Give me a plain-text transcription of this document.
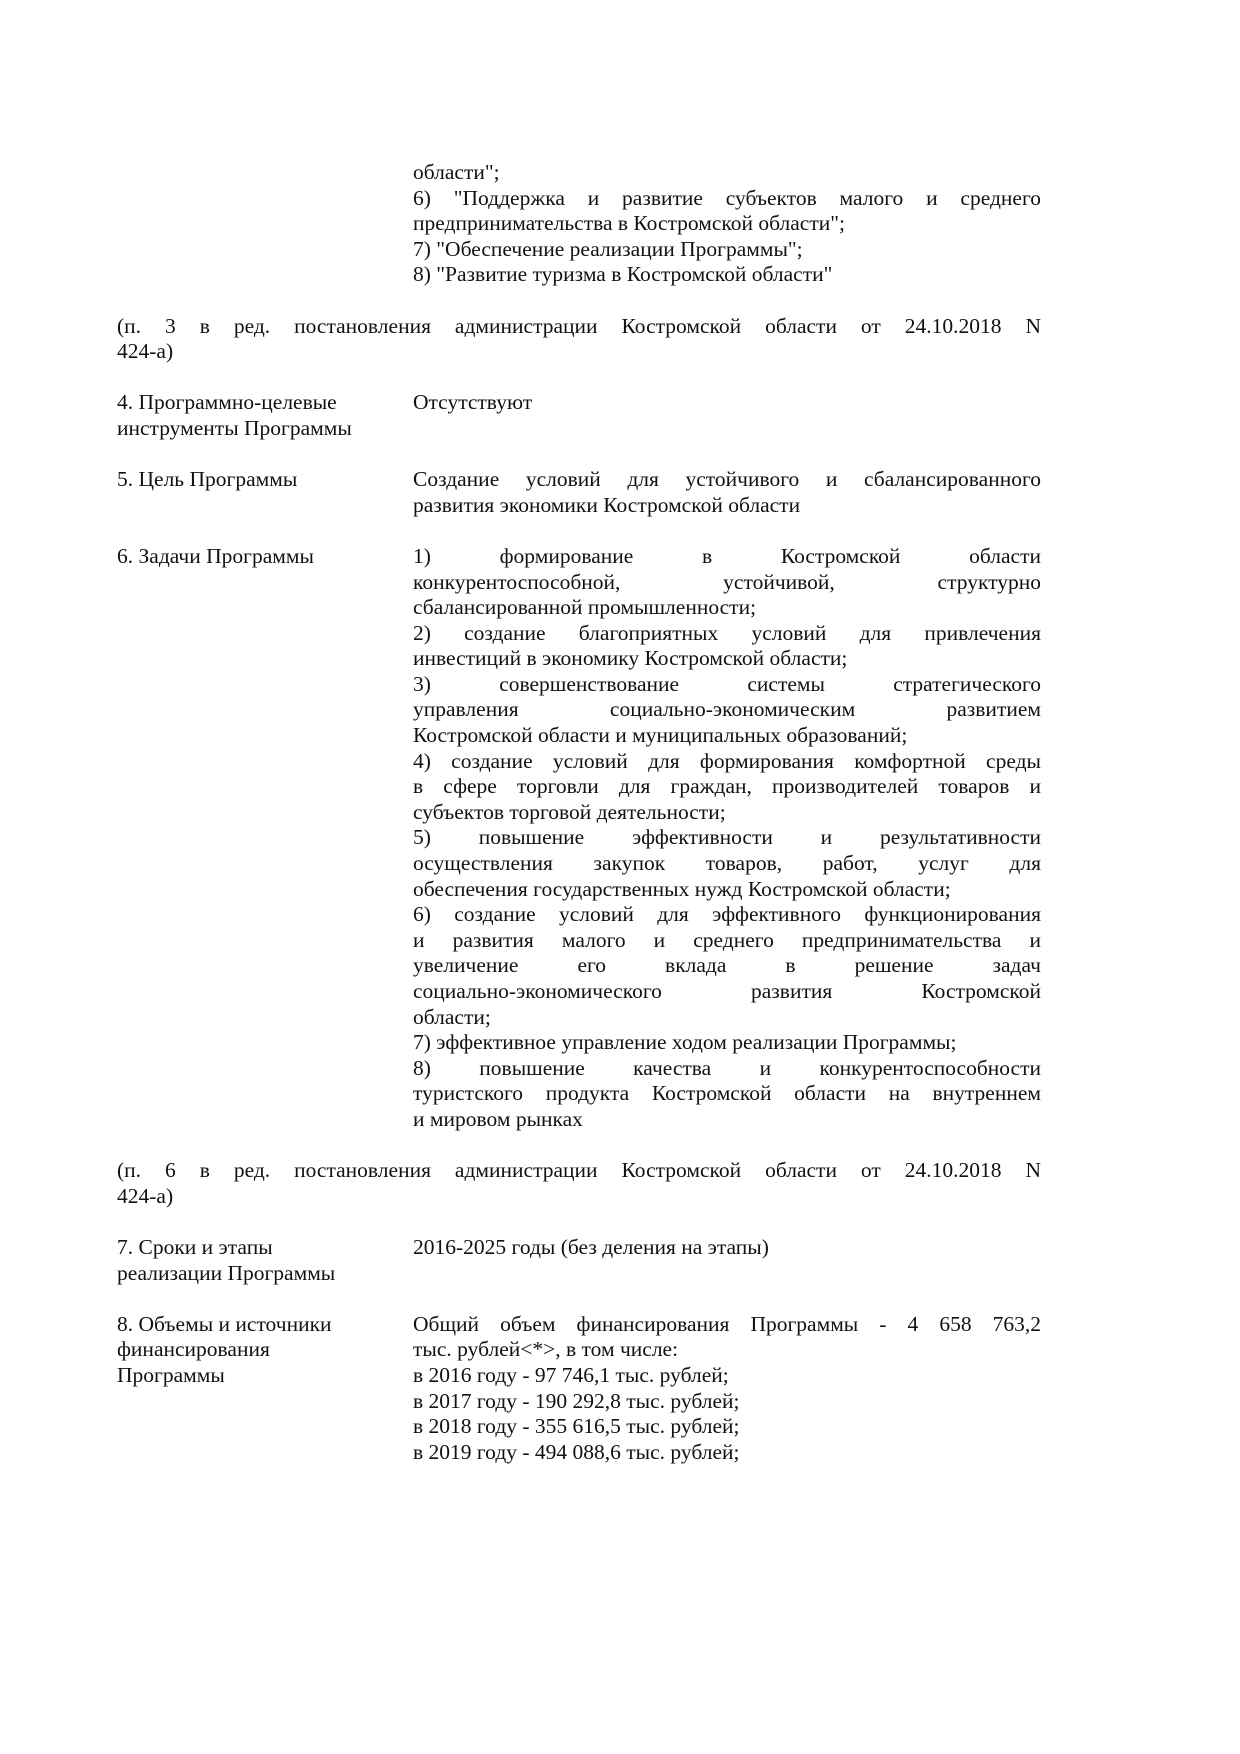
области";
6) "Поддержка и развитие субъектов малого и среднего
предпринимательства в Костромской области";
7) "Обеспечение реализации Программы";
8) "Развитие туризма в Костромской области"
(п. 3 в ред. постановления администрации Костромской области от 24.10.2018 N
424-а)
4. Программно-целевые
инструменты Программы
Отсутствуют
5. Цель Программы	Создание условий для устойчивого и сбалансированного
развития экономики Костромской области
6. Задачи Программы	1) формирование в Костромской области
конкурентоспособной, устойчивой, структурно
сбалансированной промышленности;
2) создание благоприятных условий для привлечения
инвестиций в экономику Костромской области;
3) совершенствование системы стратегического
управления социально-экономическим развитием
Костромской области и муниципальных образований;
4) создание условий для формирования комфортной среды
в сфере торговли для граждан, производителей товаров и
субъектов торговой деятельности;
5) повышение эффективности и результативности
осуществления закупок товаров, работ, услуг для
обеспечения государственных нужд Костромской области;
6) создание условий для эффективного функционирования
и развития малого и среднего предпринимательства и
увеличение его вклада в решение задач
социально-экономического развития Костромской
области;
7) эффективное управление ходом реализации Программы;
8) повышение качества и конкурентоспособности
туристского продукта Костромской области на внутреннем
и мировом рынках
(п. 6 в ред. постановления администрации Костромской области от 24.10.2018 N
424-а)
7. Сроки и этапы
реализации Программы
2016-2025 годы (без деления на этапы)
8. Объемы и источники
финансирования
Программы
Общий объем финансирования Программы - 4 658 763,2
тыс. рублей<*>, в том числе:
в 2016 году - 97 746,1 тыс. рублей;
в 2017 году - 190 292,8 тыс. рублей;
в 2018 году - 355 616,5 тыс. рублей;
в 2019 году - 494 088,6 тыс. рублей;
